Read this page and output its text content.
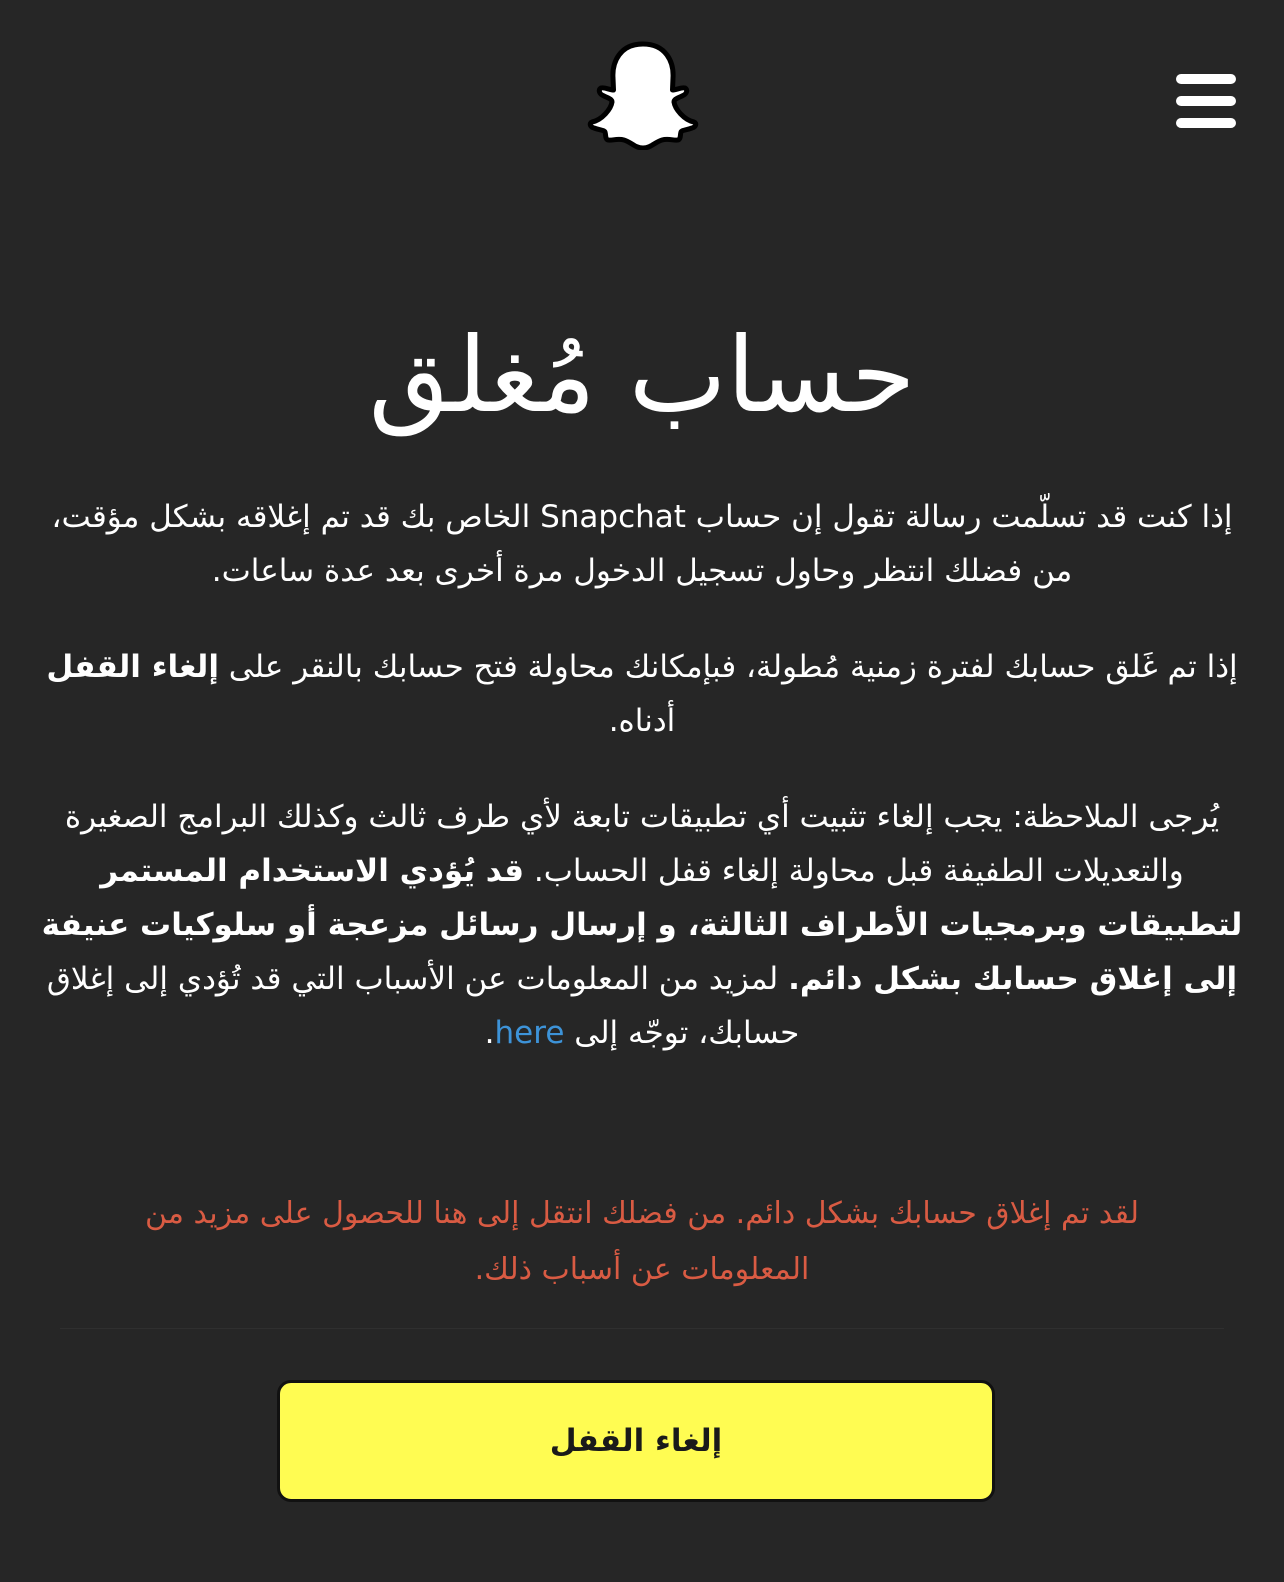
حساب مُغلق

إذا كنت قد تسلّمت رسالة تقول إن حساب Snapchat الخاص بك قد تم إغلاقه بشكل مؤقت، من فضلك انتظر وحاول تسجيل الدخول مرة أخرى بعد عدة ساعات.

إذا تم غَلق حسابك لفترة زمنية مُطولة، فبإمكانك محاولة فتح حسابك بالنقر على إلغاء القفل أدناه.

يُرجى الملاحظة: يجب إلغاء تثبيت أي تطبيقات تابعة لأي طرف ثالث وكذلك البرامج الصغيرة والتعديلات الطفيفة قبل محاولة إلغاء قفل الحساب. قد يُؤدي الاستخدام المستمر لتطبيقات وبرمجيات الأطراف الثالثة، و إرسال رسائل مزعجة أو سلوكيات عنيفة إلى إغلاق حسابك بشكل دائم. لمزيد من المعلومات عن الأسباب التي قد تُؤدي إلى إغلاق حسابك، توجّه إلى here.

لقد تم إغلاق حسابك بشكل دائم. من فضلك انتقل إلى هنا للحصول على مزيد من المعلومات عن أسباب ذلك.
إلغاء القفل
